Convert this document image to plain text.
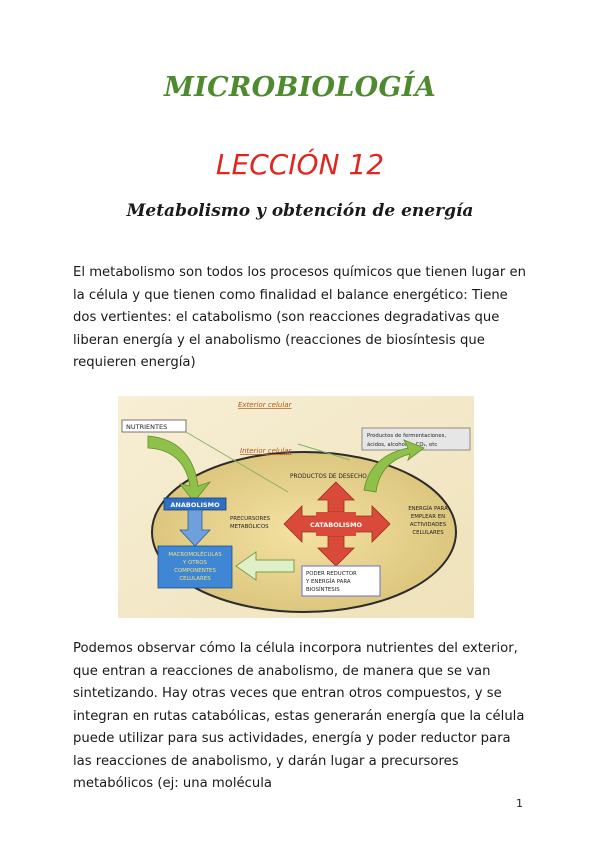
MICROBIOLOGÍA
LECCIÓN 12
Metabolismo y obtención de energía

El metabolismo son todos los procesos químicos que tienen lugar en la célula y que tienen como finalidad el balance energético: Tiene dos vertientes: el catabolismo (son reacciones degradativas que liberan energía y el anabolismo (reacciones de biosíntesis que requieren energía)

Exterior celular
NUTRIENTES
Productos de fermentaciones,
ácidos, alcoholes, CO₂, etc
Interior celular
PRODUCTOS DE DESECHO
CATABOLISMO
ENERGÍA PARA
EMPLEAR EN
ACTIVIDADES
CELULARES
PRECURSORES
METABÓLICOS
ANABOLISMO
MACROMOLÉCULAS
Y OTROS
COMPONENTES
CELULARES
PODER REDUCTOR
Y ENERGÍA PARA
BIOSÍNTESIS

Podemos observar cómo la célula incorpora nutrientes del exterior, que entran a reacciones de anabolismo, de manera que se van sintetizando. Hay otras veces que entran otros compuestos, y se integran en rutas catabólicas, estas generarán energía que la célula puede utilizar para sus actividades, energía y poder reductor para las reacciones de anabolismo, y darán lugar a precursores metabólicos (ej: una molécula

1
